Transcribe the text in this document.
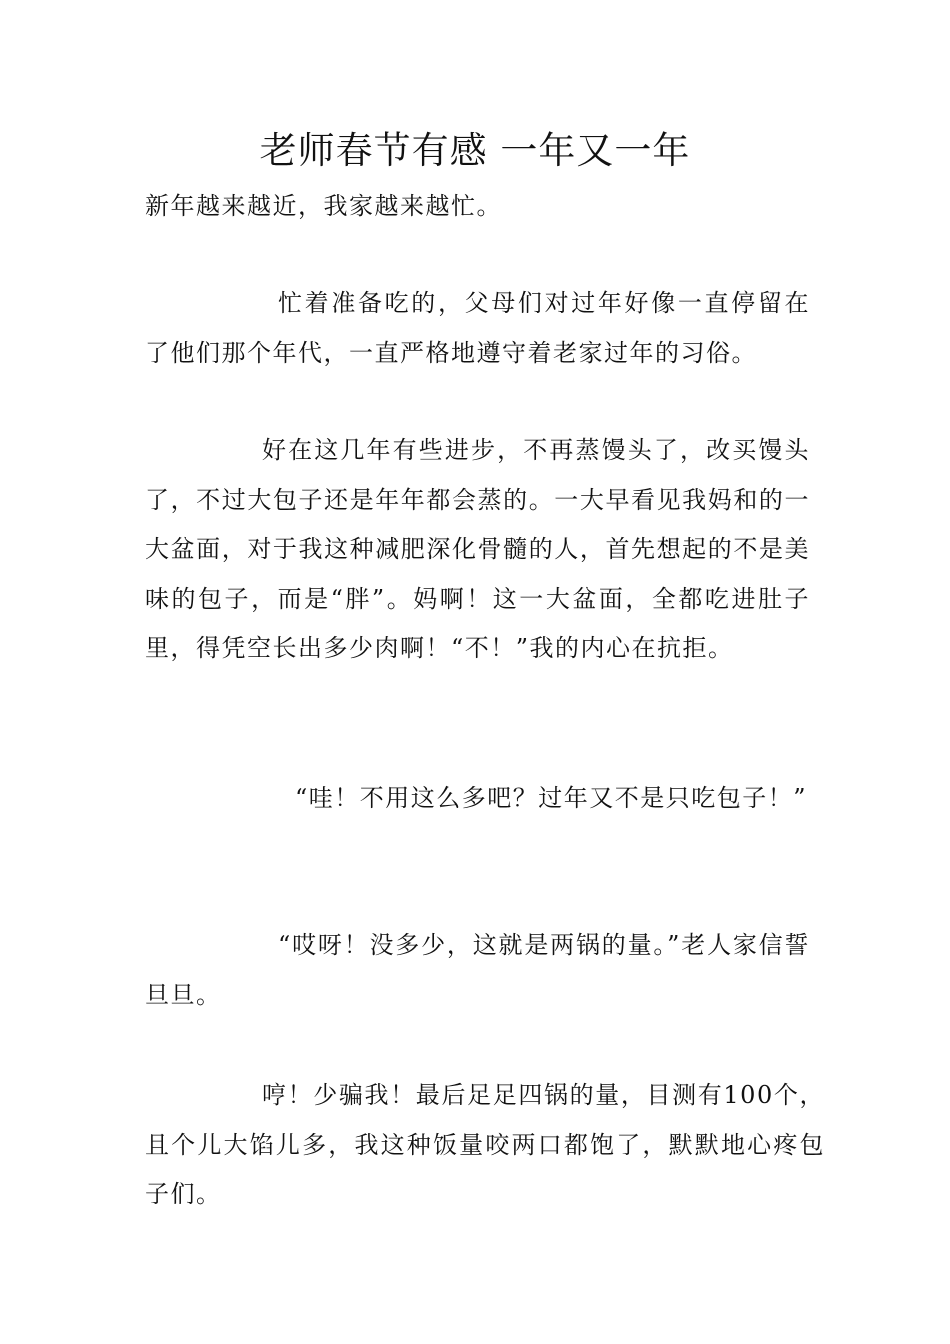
老师春节有感 一年又一年

新年越来越近，我家越来越忙。

忙着准备吃的，父母们对过年好像一直停留在了他们那个年代，一直严格地遵守着老家过年的习俗。

好在这几年有些进步，不再蒸馒头了，改买馒头了，不过大包子还是年年都会蒸的。一大早看见我妈和的一大盆面，对于我这种减肥深化骨髓的人，首先想起的不是美味的包子，而是“胖”。妈啊！这一大盆面，全都吃进肚子里，得凭空长出多少肉啊！“不！”我的内心在抗拒。

“哇！不用这么多吧？过年又不是只吃包子！”

“哎呀！没多少，这就是两锅的量。”老人家信誓旦旦。

哼！少骗我！最后足足四锅的量，目测有100个，且个儿大馅儿多，我这种饭量咬两口都饱了，默默地心疼包子们。
